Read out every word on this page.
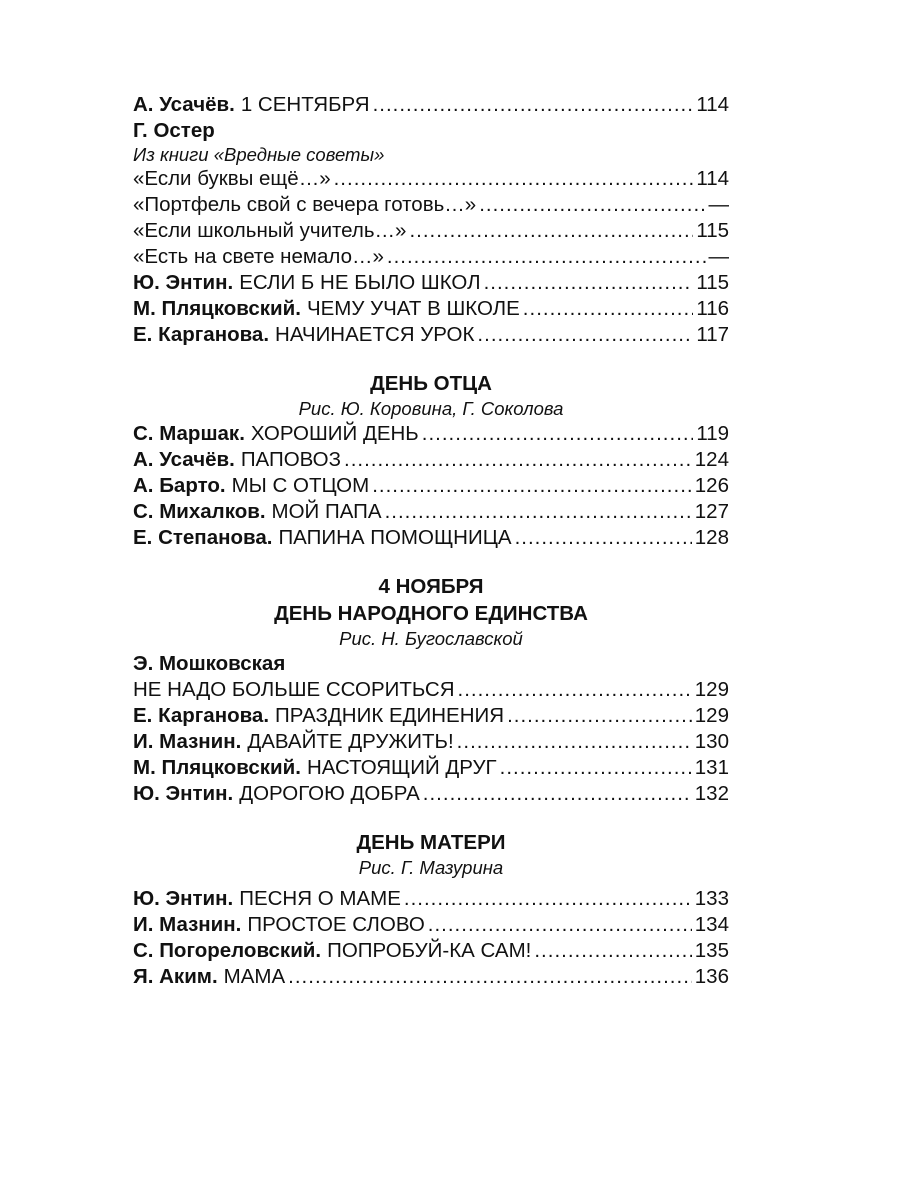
А. Усачёв. 1 СЕНТЯБРЯ .....	114
Г. Остер
Из книги «Вредные советы»
«Если буквы ещё…» .....	114
«Портфель свой с вечера готовь…» .....	—
«Если школьный учитель…» .....	115
«Есть на свете немало…» .....	—
Ю. Энтин. ЕСЛИ Б НЕ БЫЛО ШКОЛ .....	115
М. Пляцковский. ЧЕМУ УЧАТ В ШКОЛЕ .....	116
Е. Карганова. НАЧИНАЕТСЯ УРОК .....	117
ДЕНЬ ОТЦА
Рис. Ю. Коровина, Г. Соколова
С. Маршак. ХОРОШИЙ ДЕНЬ .....	119
А. Усачёв. ПАПОВОЗ .....	124
А. Барто. МЫ С ОТЦОМ .....	126
С. Михалков. МОЙ ПАПА .....	127
Е. Степанова. ПАПИНА ПОМОЩНИЦА .....	128
4 НОЯБРЯ
ДЕНЬ НАРОДНОГО ЕДИНСТВА
Рис. Н. Бугославской
Э. Мошковская
НЕ НАДО БОЛЬШЕ ССОРИТЬСЯ .....	129
Е. Карганова. ПРАЗДНИК ЕДИНЕНИЯ .....	129
И. Мазнин. ДАВАЙТЕ ДРУЖИТЬ! .....	130
М. Пляцковский. НАСТОЯЩИЙ ДРУГ .....	131
Ю. Энтин. ДОРОГОЮ ДОБРА .....	132
ДЕНЬ МАТЕРИ
Рис. Г. Мазурина
Ю. Энтин. ПЕСНЯ О МАМЕ .....	133
И. Мазнин. ПРОСТОЕ СЛОВО .....	134
С. Погореловский. ПОПРОБУЙ-КА САМ! .....	135
Я. Аким. МАМА .....	136
